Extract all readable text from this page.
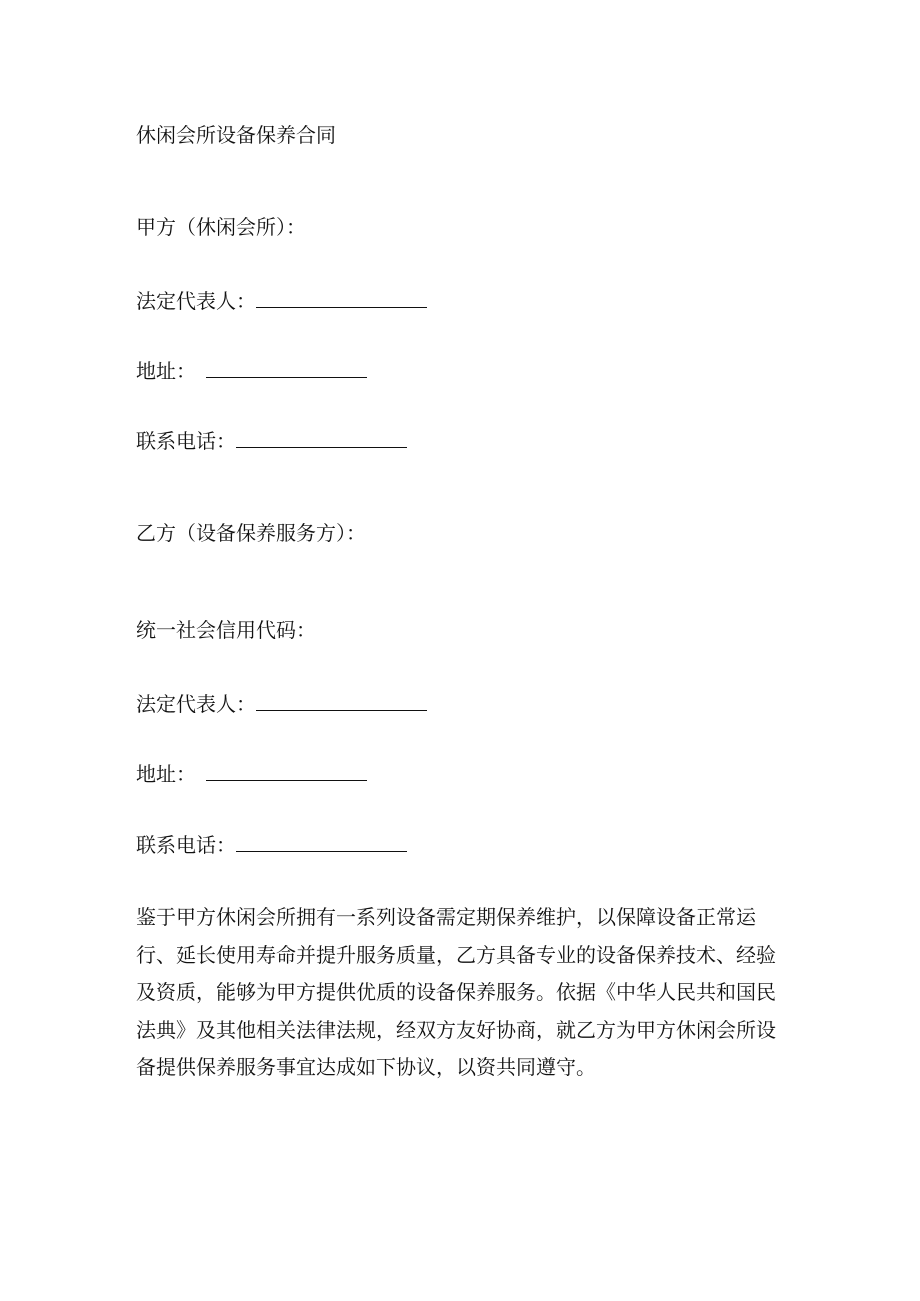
休闲会所设备保养合同

甲方（休闲会所）：

法定代表人：

地址：

联系电话：

乙方（设备保养服务方）：

统一社会信用代码：

法定代表人：

地址：

联系电话：

鉴于甲方休闲会所拥有一系列设备需定期保养维护，以保障设备正常运
行、延长使用寿命并提升服务质量，乙方具备专业的设备保养技术、经验
及资质，能够为甲方提供优质的设备保养服务。依据《中华人民共和国民
法典》及其他相关法律法规，经双方友好协商，就乙方为甲方休闲会所设
备提供保养服务事宜达成如下协议，以资共同遵守。
